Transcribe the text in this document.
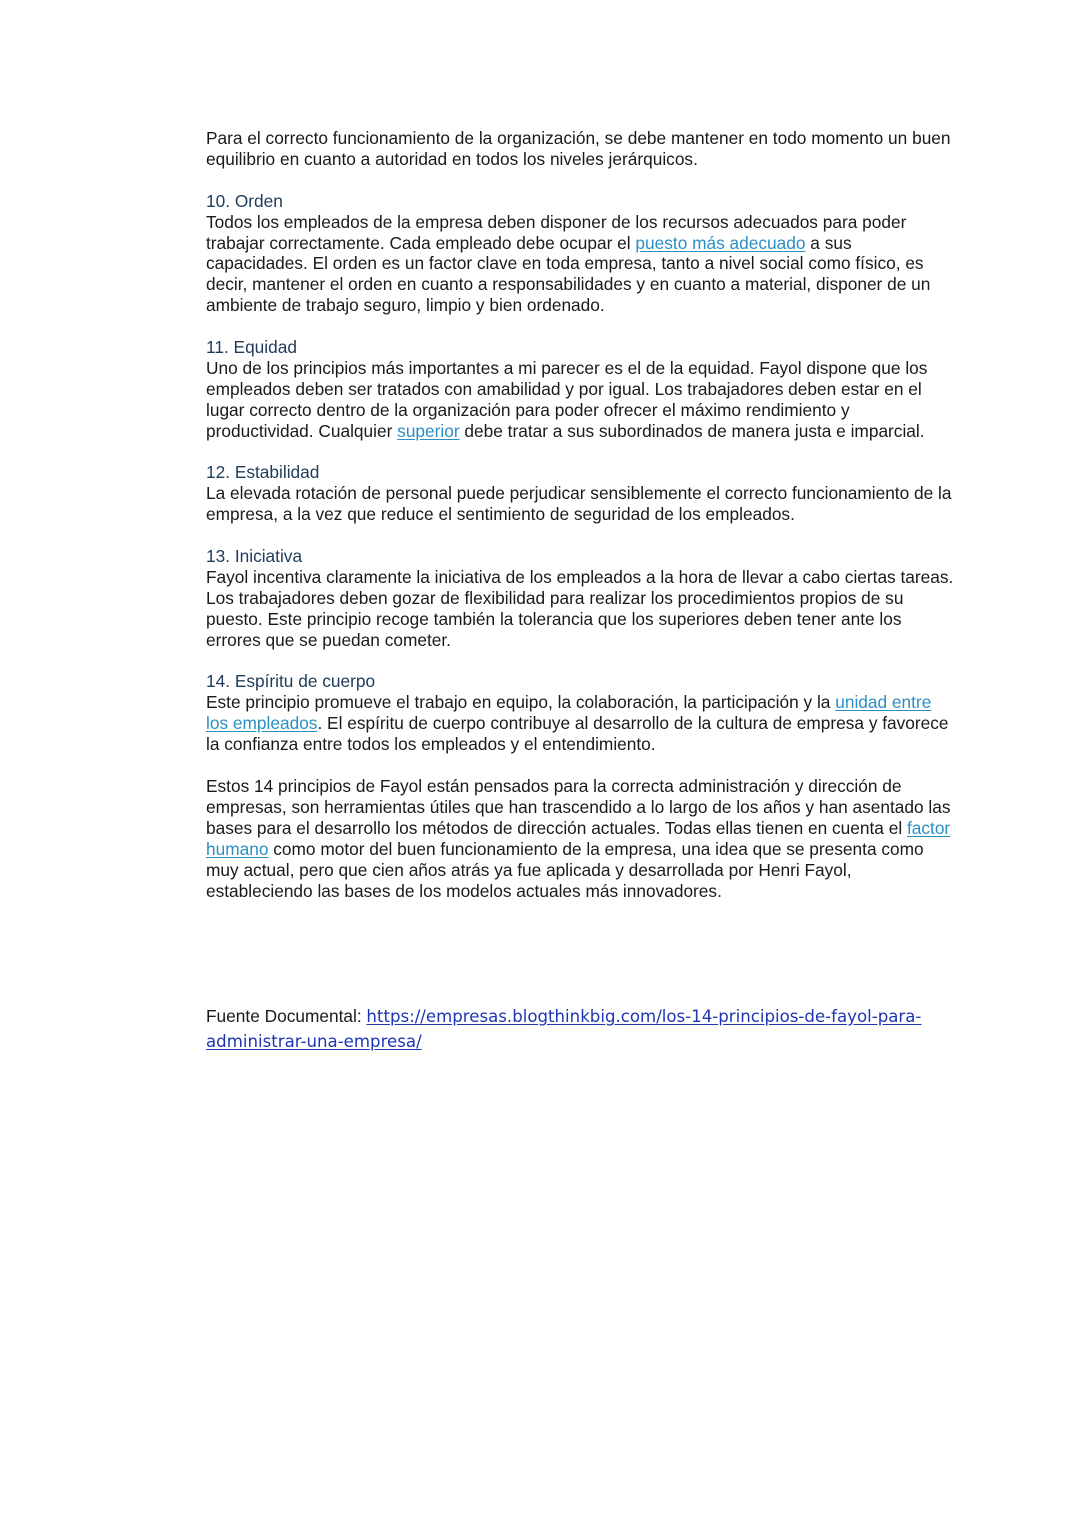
Para el correcto funcionamiento de la organización, se debe mantener en todo momento un buen equilibrio en cuanto a autoridad en todos los niveles jerárquicos.

10. Orden

Todos los empleados de la empresa deben disponer de los recursos adecuados para poder trabajar correctamente. Cada empleado debe ocupar el puesto más adecuado a sus capacidades. El orden es un factor clave en toda empresa, tanto a nivel social como físico, es decir, mantener el orden en cuanto a responsabilidades y en cuanto a material, disponer de un ambiente de trabajo seguro, limpio y bien ordenado.

11. Equidad

Uno de los principios más importantes a mi parecer es el de la equidad. Fayol dispone que los empleados deben ser tratados con amabilidad y por igual. Los trabajadores deben estar en el lugar correcto dentro de la organización para poder ofrecer el máximo rendimiento y productividad. Cualquier superior debe tratar a sus subordinados de manera justa e imparcial.

12. Estabilidad

La elevada rotación de personal puede perjudicar sensiblemente el correcto funcionamiento de la empresa, a la vez que reduce el sentimiento de seguridad de los empleados.

13. Iniciativa

Fayol incentiva claramente la iniciativa de los empleados a la hora de llevar a cabo ciertas tareas. Los trabajadores deben gozar de flexibilidad para realizar los procedimientos propios de su puesto. Este principio recoge también la tolerancia que los superiores deben tener ante los errores que se puedan cometer.

14. Espíritu de cuerpo

Este principio promueve el trabajo en equipo, la colaboración, la participación y la unidad entre los empleados. El espíritu de cuerpo contribuye al desarrollo de la cultura de empresa y favorece la confianza entre todos los empleados y el entendimiento.

Estos 14 principios de Fayol están pensados para la correcta administración y dirección de empresas, son herramientas útiles que han trascendido a lo largo de los años y han asentado las bases para el desarrollo los métodos de dirección actuales. Todas ellas tienen en cuenta el factor humano como motor del buen funcionamiento de la empresa, una idea que se presenta como muy actual, pero que cien años atrás ya fue aplicada y desarrollada por Henri Fayol, estableciendo las bases de los modelos actuales más innovadores.

Fuente Documental: https://empresas.blogthinkbig.com/los-14-principios-de-fayol-para-administrar-una-empresa/
